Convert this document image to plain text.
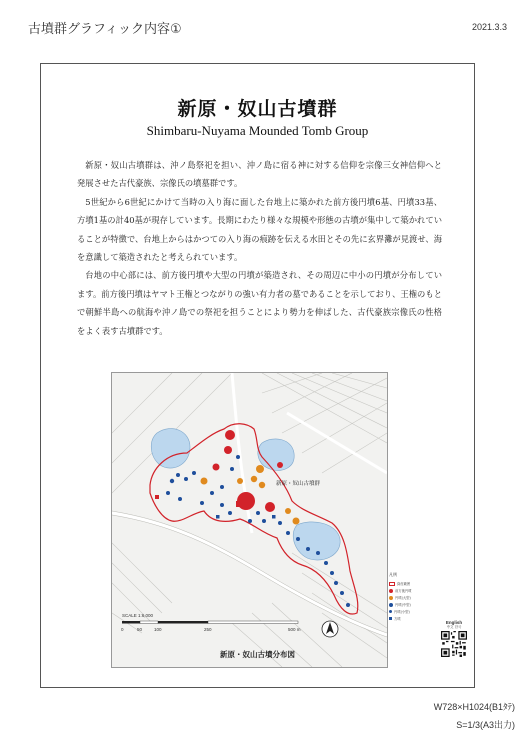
古墳群グラフィック内容①	2021.3.3
新原・奴山古墳群
Shimbaru-Nuyama Mounded Tomb Group

新原・奴山古墳群は、沖ノ島祭祀を担い、沖ノ島に宿る神に対する信仰を宗像三女神信仰へと発展させた古代豪族、宗像氏の墳墓群です。

5世紀から6世紀にかけて当時の入り海に面した台地上に築かれた前方後円墳6基、円墳33基、方墳1基の計40基が現存しています。長期にわたり様々な規模や形態の古墳が集中して築かれていることが特徴で、台地上からはかつての入り海の痕跡を伝える水田とその先に玄界灘が見渡せ、海を意識して築造されたと考えられています。

台地の中心部には、前方後円墳や大型の円墳が築造され、その周辺に中小の円墳が分布しています。前方後円墳はヤマト王権とつながりの強い有力者の墓であることを示しており、王権のもとで朝鮮半島への航海や沖ノ島での祭祀を担うことにより勢力を伸ばした、古代豪族宗像氏の性格をよく表す古墳群です。

新原・奴山古墳群
SCALE 1:6,000
0	50	100	250	500 m
凡例
資産範囲
前方後円墳
円墳(大型)
円墳(中型)
円墳(小型)
方墳
English
中文 한국
新原・奴山古墳分布図
W728×H1024(B1ﾀﾃ)
S=1/3(A3出力)
